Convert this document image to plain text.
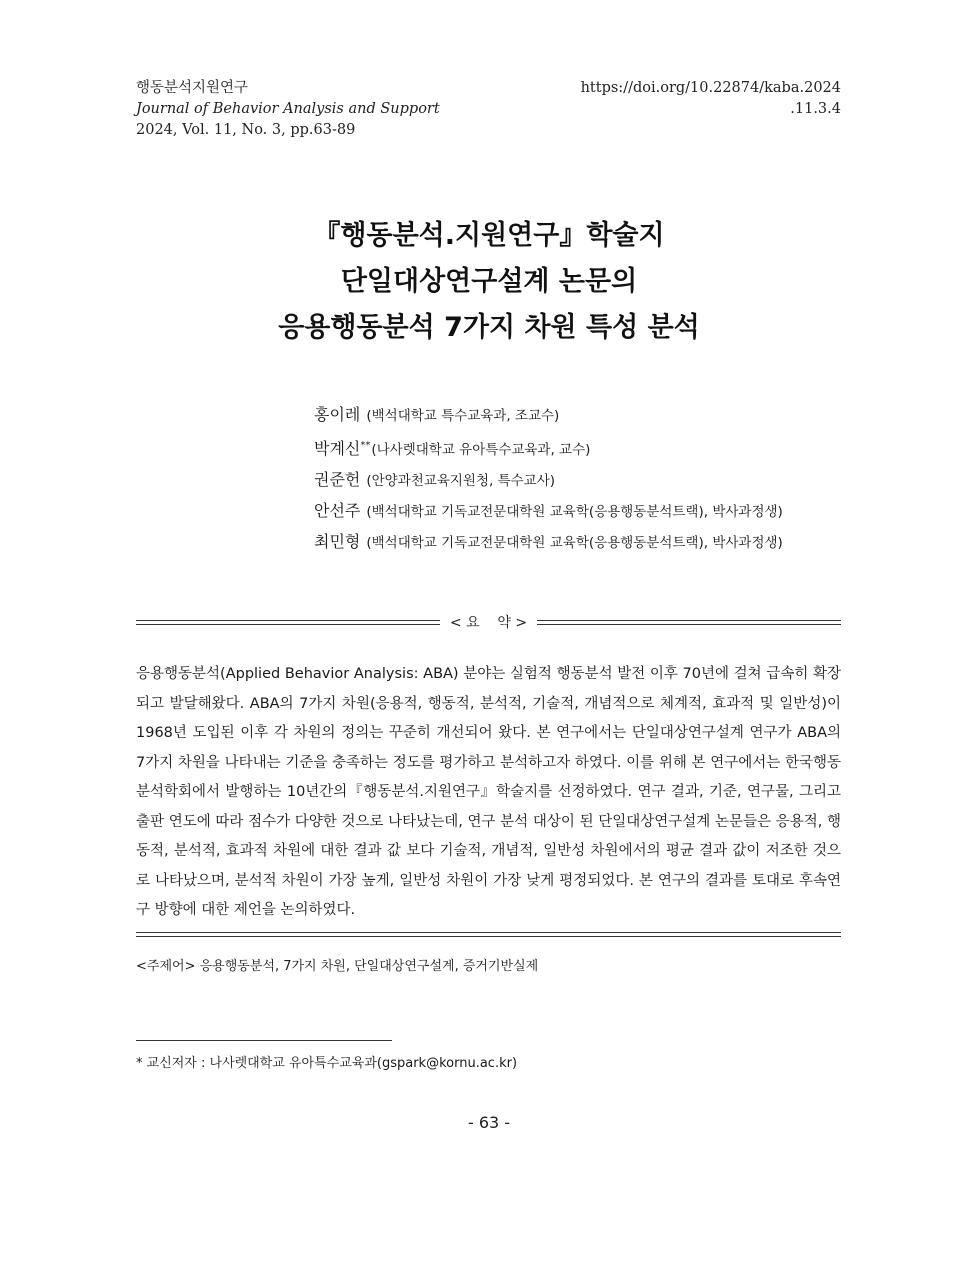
행동분석지원연구
Journal of Behavior Analysis and Support
2024, Vol. 11, No. 3, pp.63-89
https://doi.org/10.22874/kaba.2024
.11.3.4
『행동분석.지원연구』학술지
단일대상연구설계 논문의
응용행동분석 7가지 차원 특성 분석
홍이레 (백석대학교 특수교육과, 조교수)
박계신**(나사렛대학교 유아특수교육과, 교수)
권준헌 (안양과천교육지원청, 특수교사)
안선주 (백석대학교 기독교전문대학원 교육학(응용행동분석트랙), 박사과정생)
최민형 (백석대학교 기독교전문대학원 교육학(응용행동분석트랙), 박사과정생)
< 요    약 >
응용행동분석(Applied Behavior Analysis: ABA) 분야는 실험적 행동분석 발전 이후 70년에 걸쳐 급속히 확장되고 발달해왔다. ABA의 7가지 차원(응용적, 행동적, 분석적, 기술적, 개념적으로 체계적, 효과적 및 일반성)이 1968년 도입된 이후 각 차원의 정의는 꾸준히 개선되어 왔다. 본 연구에서는 단일대상연구설계 연구가 ABA의 7가지 차원을 나타내는 기준을 충족하는 정도를 평가하고 분석하고자 하였다. 이를 위해 본 연구에서는 한국행동분석학회에서 발행하는 10년간의『행동분석.지원연구』학술지를 선정하였다. 연구 결과, 기준, 연구물, 그리고 출판 연도에 따라 점수가 다양한 것으로 나타났는데, 연구 분석 대상이 된 단일대상연구설계 논문들은 응용적, 행동적, 분석적, 효과적 차원에 대한 결과 값 보다 기술적, 개념적, 일반성 차원에서의 평균 결과 값이 저조한 것으로 나타났으며, 분석적 차원이 가장 높게, 일반성 차원이 가장 낮게 평정되었다. 본 연구의 결과를 토대로 후속연구 방향에 대한 제언을 논의하였다.
<주제어> 응용행동분석, 7가지 차원, 단일대상연구설계, 증거기반실제
* 교신저자 : 나사렛대학교 유아특수교육과(gspark@kornu.ac.kr)
- 63 -
